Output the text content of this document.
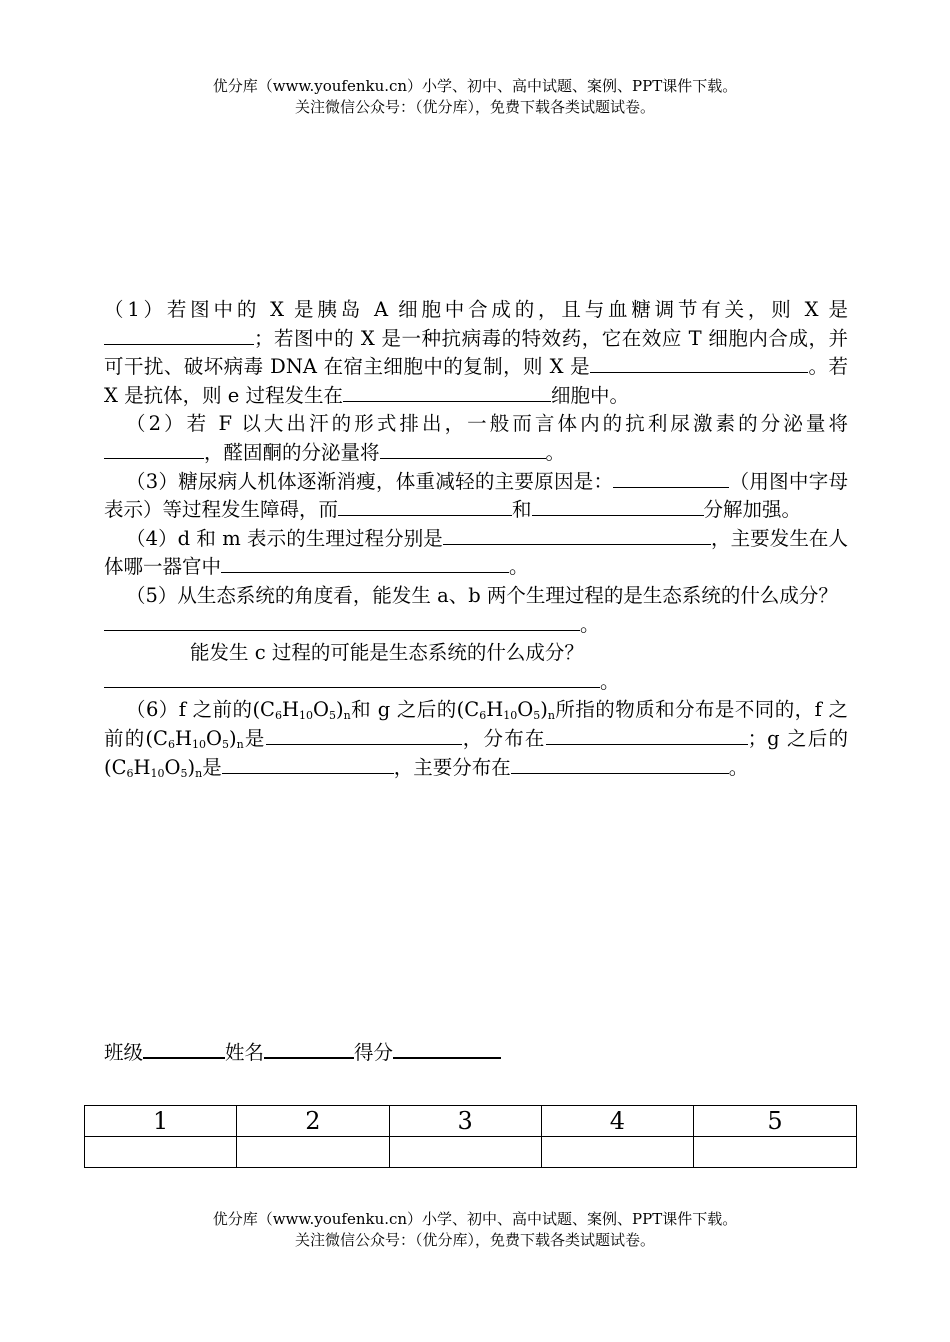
优分库（www.youfenku.cn）小学、初中、高中试题、案例、PPT课件下载。
关注微信公众号：（优分库），免费下载各类试题试卷。

（1）若图中的 X 是胰岛 A 细胞中合成的，且与血糖调节有关，则 X 是；若图中的 X 是一种抗病毒的特效药，它在效应 T 细胞内合成，并可干扰、破坏病毒 DNA 在宿主细胞中的复制，则 X 是	。若 X 是抗体，则 e 过程发生在	细胞中。

（2）若 F 以大出汗的形式排出，一般而言体内的抗利尿激素的分泌量将，醛固酮的分泌量将	。

（3）糖尿病人机体逐渐消瘦，体重减轻的主要原因是：	（用图中字母表示）等过程发生障碍，而	和	分解加强。

（4）d 和 m 表示的生理过程分别是	，主要发生在人体哪一器官中	。

（5）从生态系统的角度看，能发生 a、b 两个生理过程的是生态系统的什么成分？

。

能发生 c 过程的可能是生态系统的什么成分？

。

（6）f 之前的$(C_6H_{10}O_5)_n$和 g 之后的$(C_6H_{10}O_5)_n$所指的物质和分布是不同的，f 之前的$(C_6H_{10}O_5)_n$是	，分布在	；g 之后的$(C_6H_{10}O_5)_n$是	，主要分布在	。

班级	姓名	得分
1	2	3	4	5

优分库（www.youfenku.cn）小学、初中、高中试题、案例、PPT课件下载。
关注微信公众号：（优分库），免费下载各类试题试卷。
